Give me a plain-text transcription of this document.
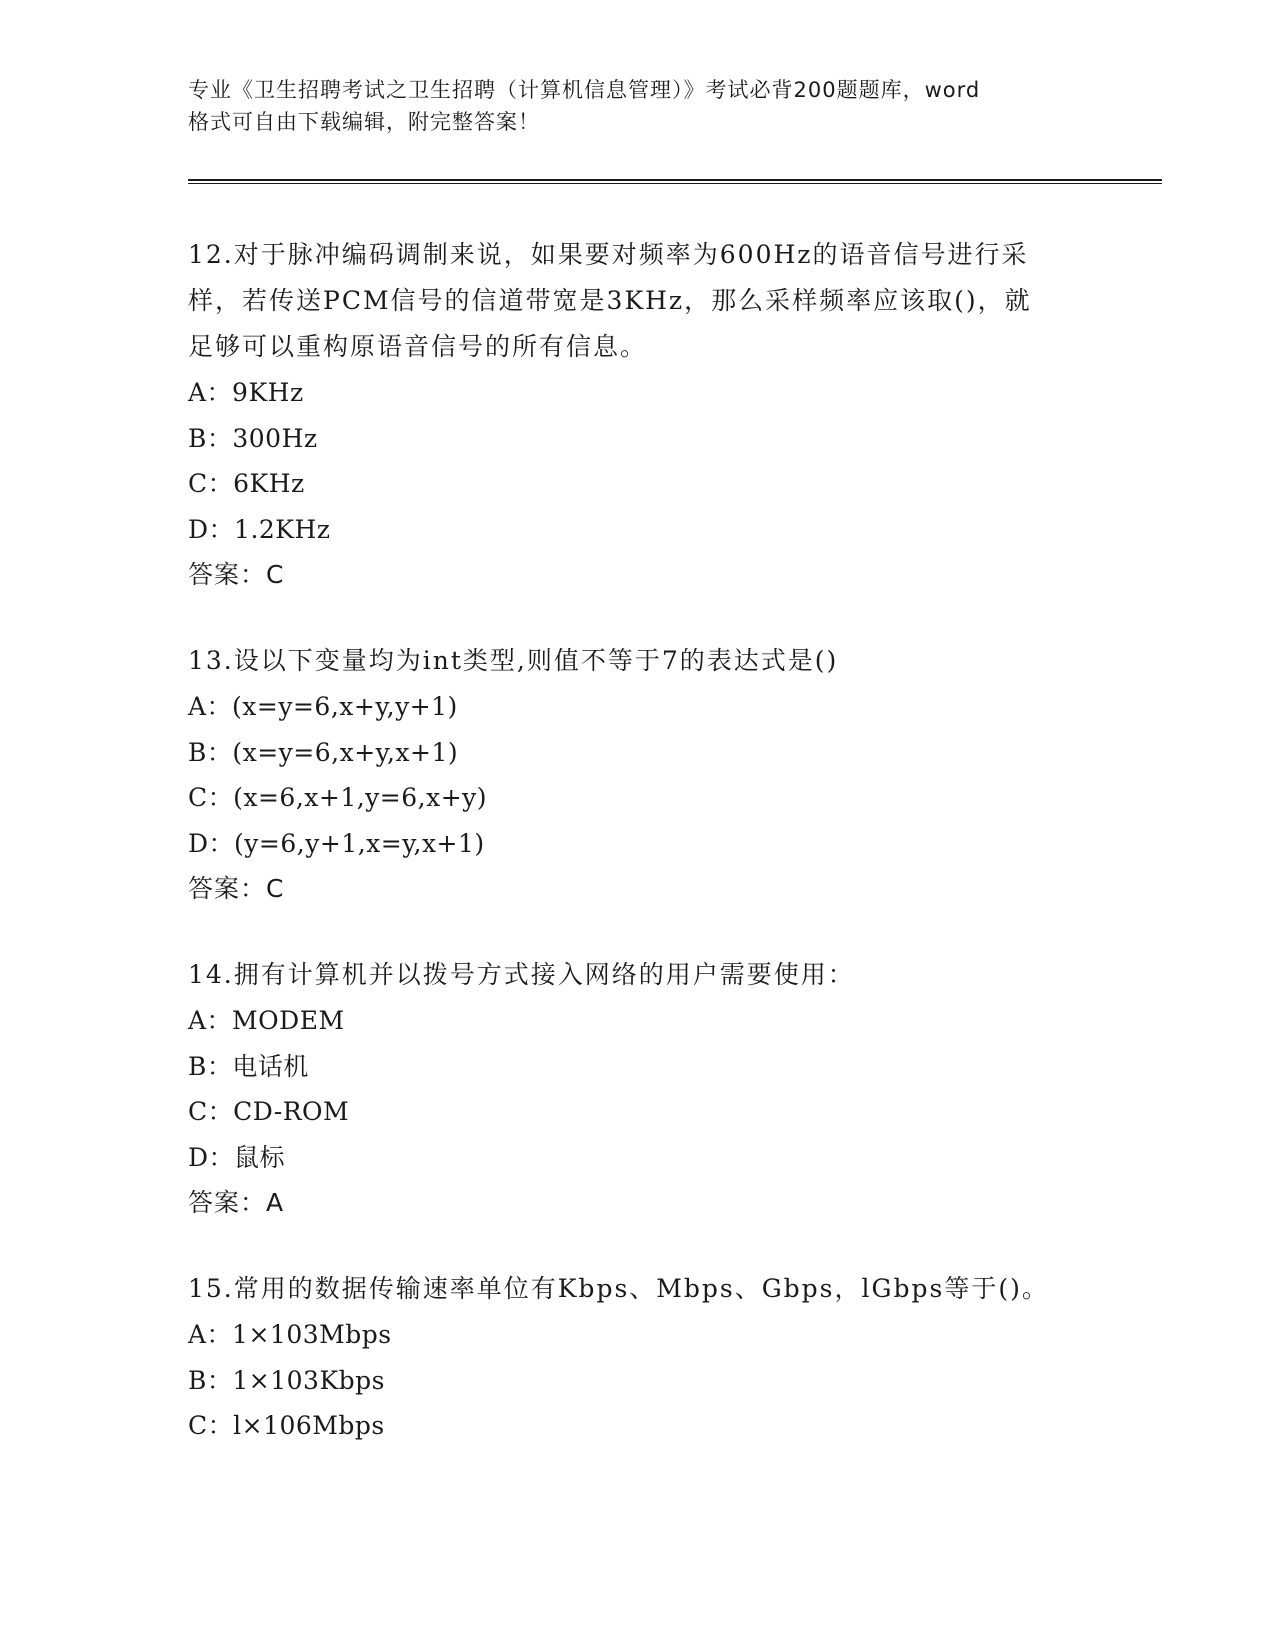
专业《卫生招聘考试之卫生招聘（计算机信息管理）》考试必背200题题库，word
格式可自由下载编辑，附完整答案！
12.对于脉冲编码调制来说，如果要对频率为600Hz的语音信号进行采
样，若传送PCM信号的信道带宽是3KHz，那么采样频率应该取()，就
足够可以重构原语音信号的所有信息。
A：9KHz
B：300Hz
C：6KHz
D：1.2KHz
答案：C
13.设以下变量均为int类型,则值不等于7的表达式是()
A：(x=y=6,x+y,y+1)
B：(x=y=6,x+y,x+1)
C：(x=6,x+1,y=6,x+y)
D：(y=6,y+1,x=y,x+1)
答案：C
14.拥有计算机并以拨号方式接入网络的用户需要使用：
A：MODEM
B：电话机
C：CD-ROM
D：鼠标
答案：A
15.常用的数据传输速率单位有Kbps、Mbps、Gbps，lGbps等于()。
A：1×103Mbps
B：1×103Kbps
C：l×106Mbps
